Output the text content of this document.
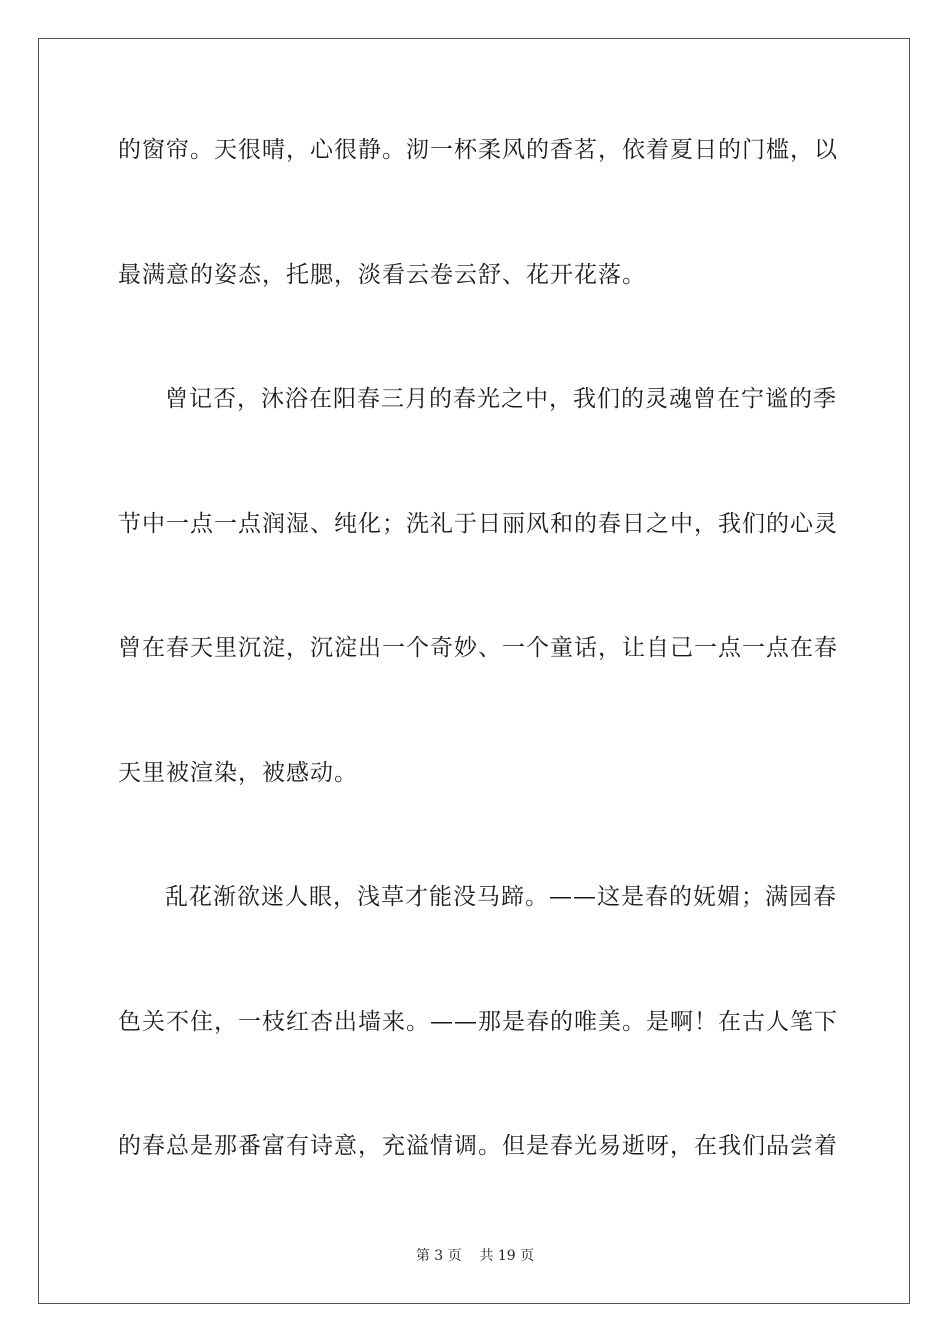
的窗帘。天很晴，心很静。沏一杯柔风的香茗，依着夏日的门槛，以
最满意的姿态，托腮，淡看云卷云舒、花开花落。
曾记否，沐浴在阳春三月的春光之中，我们的灵魂曾在宁谧的季
节中一点一点润湿、纯化；洗礼于日丽风和的春日之中，我们的心灵
曾在春天里沉淀，沉淀出一个奇妙、一个童话，让自己一点一点在春
天里被渲染，被感动。
乱花渐欲迷人眼，浅草才能没马蹄。——这是春的妩媚；满园春
色关不住，一枝红杏出墙来。——那是春的唯美。是啊！在古人笔下
的春总是那番富有诗意，充溢情调。但是春光易逝呀，在我们品尝着
第 3 页 共 19 页
